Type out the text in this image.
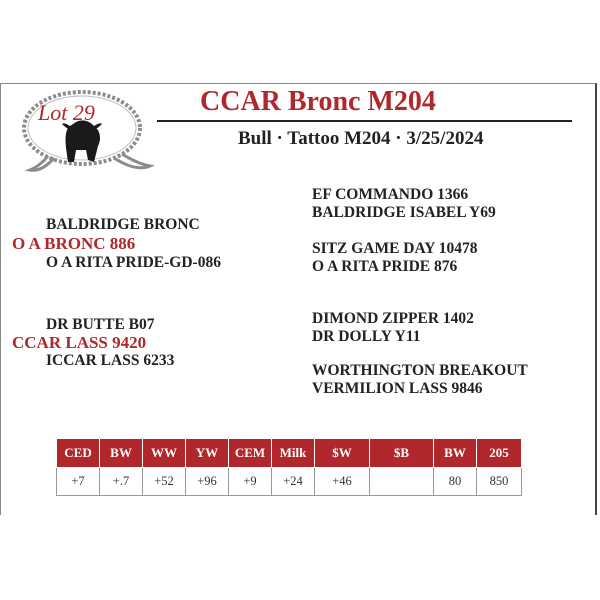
Lot 29	CCAR Bronc M204
Bull · Tattoo M204 · 3/25/2024
BALDRIDGE BRONC
O A BRONC 886
O A RITA PRIDE-GD-086
DR BUTTE B07
CCAR LASS 9420
ICCAR LASS 6233
EF COMMANDO 1366
BALDRIDGE ISABEL Y69
SITZ GAME DAY 10478
O A RITA PRIDE 876
DIMOND ZIPPER 1402
DR DOLLY Y11
WORTHINGTON BREAKOUT
VERMILION LASS 9846
CED	BW	WW	YW	CEM	Milk	$W	$B	BW	205
+7	+.7	+52	+96	+9	+24	+46		80	850
